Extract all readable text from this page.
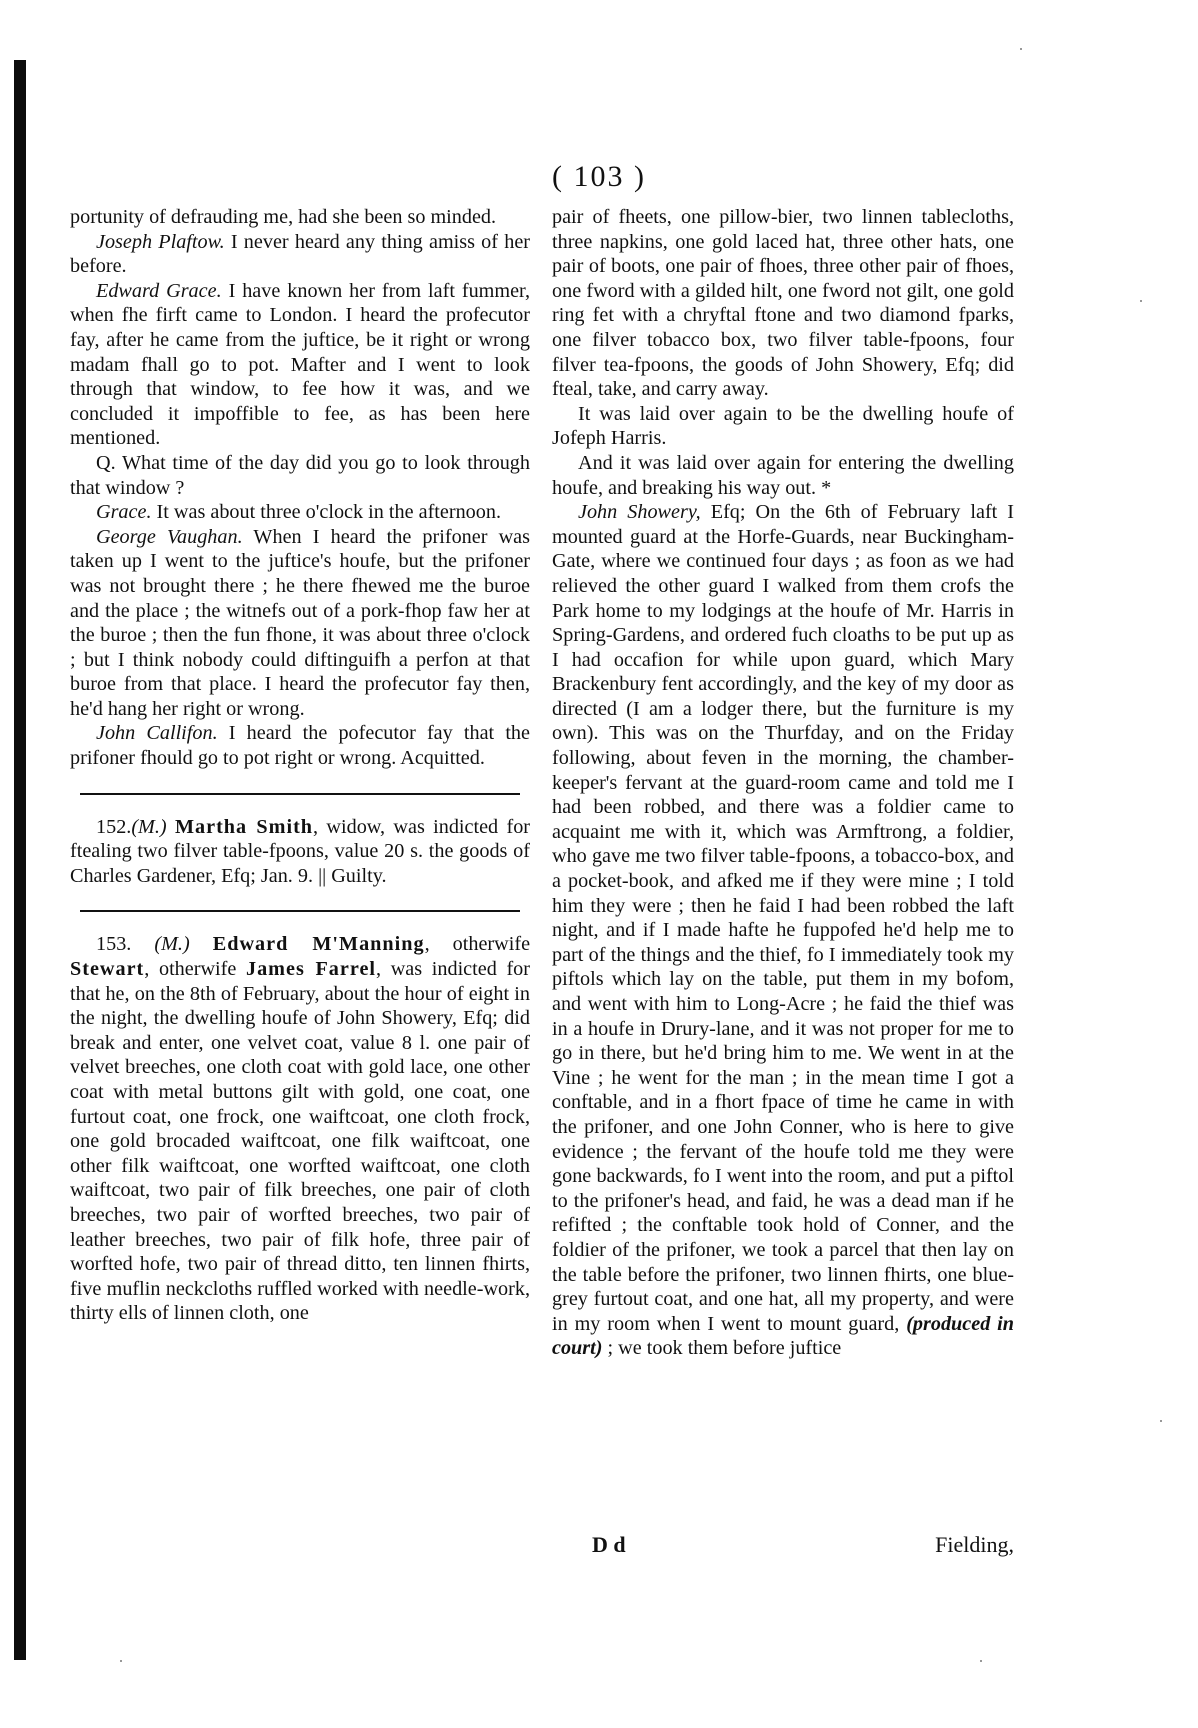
( 103 )

portunity of defrauding me, had she been so minded.

Joseph Plaftow. I never heard any thing amiss of her before.

Edward Grace. I have known her from laft fummer, when fhe firft came to London. I heard the profecutor fay, after he came from the juftice, be it right or wrong madam fhall go to pot. Mafter and I went to look through that window, to fee how it was, and we concluded it impoffible to fee, as has been here mentioned.

Q. What time of the day did you go to look through that window ?

Grace. It was about three o'clock in the afternoon.

George Vaughan. When I heard the prifoner was taken up I went to the juftice's houfe, but the prifoner was not brought there ; he there fhewed me the buroe and the place ; the witnefs out of a pork-fhop faw her at the buroe ; then the fun fhone, it was about three o'clock ; but I think nobody could diftinguifh a perfon at that buroe from that place. I heard the profecutor fay then, he'd hang her right or wrong.

John Callifon. I heard the pofecutor fay that the prifoner fhould go to pot right or wrong. Acquitted.

152.(M.) Martha Smith, widow, was indicted for ftealing two filver table-fpoons, value 20 s. the goods of Charles Gardener, Efq; Jan. 9. || Guilty.

153. (M.) Edward M'Manning, otherwife Stewart, otherwife James Farrel, was indicted for that he, on the 8th of February, about the hour of eight in the night, the dwelling houfe of John Showery, Efq; did break and enter, one velvet coat, value 8 l. one pair of velvet breeches, one cloth coat with gold lace, one other coat with metal buttons gilt with gold, one coat, one furtout coat, one frock, one waiftcoat, one cloth frock, one gold brocaded waiftcoat, one filk waiftcoat, one other filk waiftcoat, one worfted waiftcoat, one cloth waiftcoat, two pair of filk breeches, one pair of cloth breeches, two pair of worfted breeches, two pair of leather breeches, two pair of filk hofe, three pair of worfted hofe, two pair of thread ditto, ten linnen fhirts, five muflin neckcloths ruffled worked with needle-work, thirty ells of linnen cloth, one

pair of fheets, one pillow-bier, two linnen tablecloths, three napkins, one gold laced hat, three other hats, one pair of boots, one pair of fhoes, three other pair of fhoes, one fword with a gilded hilt, one fword not gilt, one gold ring fet with a chryftal ftone and two diamond fparks, one filver tobacco box, two filver table-fpoons, four filver tea-fpoons, the goods of John Showery, Efq; did fteal, take, and carry away.

It was laid over again to be the dwelling houfe of Jofeph Harris.

And it was laid over again for entering the dwelling houfe, and breaking his way out. *

John Showery, Efq; On the 6th of February laft I mounted guard at the Horfe-Guards, near Buckingham-Gate, where we continued four days ; as foon as we had relieved the other guard I walked from them crofs the Park home to my lodgings at the houfe of Mr. Harris in Spring-Gardens, and ordered fuch cloaths to be put up as I had occafion for while upon guard, which Mary Brackenbury fent accordingly, and the key of my door as directed (I am a lodger there, but the furniture is my own). This was on the Thurfday, and on the Friday following, about feven in the morning, the chamber-keeper's fervant at the guard-room came and told me I had been robbed, and there was a foldier came to acquaint me with it, which was Armftrong, a foldier, who gave me two filver table-fpoons, a tobacco-box, and a pocket-book, and afked me if they were mine ; I told him they were ; then he faid I had been robbed the laft night, and if I made hafte he fuppofed he'd help me to part of the things and the thief, fo I immediately took my piftols which lay on the table, put them in my bofom, and went with him to Long-Acre ; he faid the thief was in a houfe in Drury-lane, and it was not proper for me to go in there, but he'd bring him to me. We went in at the Vine ; he went for the man ; in the mean time I got a conftable, and in a fhort fpace of time he came in with the prifoner, and one John Conner, who is here to give evidence ; the fervant of the houfe told me they were gone backwards, fo I went into the room, and put a piftol to the prifoner's head, and faid, he was a dead man if he refifted ; the conftable took hold of Conner, and the foldier of the prifoner, we took a parcel that then lay on the table before the prifoner, two linnen fhirts, one blue-grey furtout coat, and one hat, all my property, and were in my room when I went to mount guard, (produced in court) ; we took them before juftice

D d	Fielding,
